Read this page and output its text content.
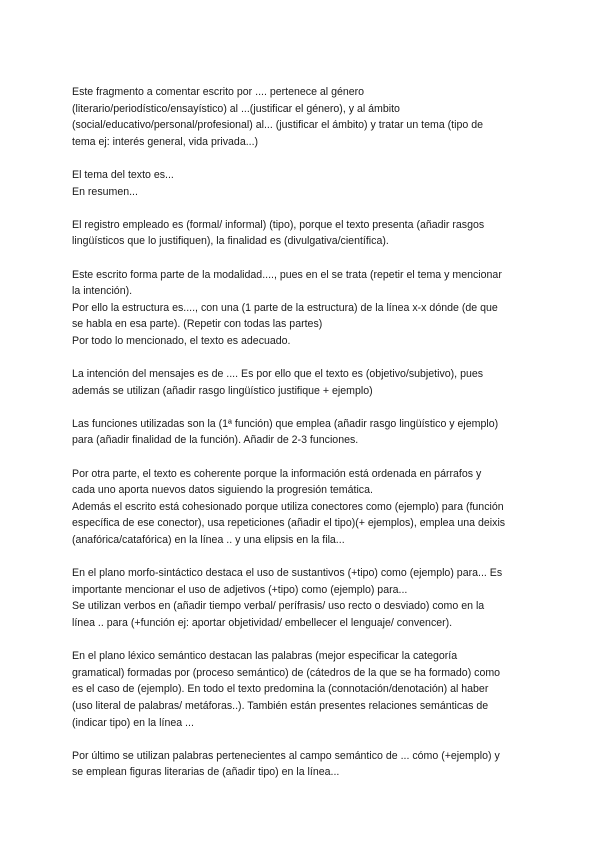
Este fragmento a comentar escrito por .... pertenece al género
(literario/periodístico/ensayístico) al ...(justificar el género), y al ámbito
(social/educativo/personal/profesional) al... (justificar el ámbito) y tratar un tema (tipo de
tema ej: interés general, vida privada...)
El tema del texto es...
En resumen...
El registro empleado es (formal/ informal) (tipo), porque el texto presenta (añadir rasgos
lingüísticos que lo justifiquen), la finalidad es (divulgativa/científica).
Este escrito forma parte de la modalidad...., pues en el se trata (repetir el tema y mencionar
la intención).
Por ello la estructura es...., con una (1 parte de la estructura) de la línea x-x dónde (de que
se habla en esa parte). (Repetir con todas las partes)
Por todo lo mencionado, el texto es adecuado.
La intención del mensajes es de .... Es por ello que el texto es (objetivo/subjetivo), pues
además se utilizan (añadir rasgo lingüístico justifique + ejemplo)
Las funciones utilizadas son la (1ª función) que emplea (añadir rasgo lingüístico y ejemplo)
para (añadir finalidad de la función). Añadir de 2-3 funciones.
Por otra parte, el texto es coherente porque la información está ordenada en párrafos y
cada uno aporta nuevos datos siguiendo la progresión temática.
Además el escrito está cohesionado porque utiliza conectores como (ejemplo) para (función
específica de ese conector), usa repeticiones (añadir el tipo)(+ ejemplos), emplea una deixis
(anafórica/catafórica) en la línea .. y una elipsis en la fila...
En el plano morfo-sintáctico destaca el uso de sustantivos (+tipo) como (ejemplo) para... Es
importante mencionar el uso de adjetivos (+tipo) como (ejemplo) para...
Se utilizan verbos en (añadir tiempo verbal/ perífrasis/ uso recto o desviado) como en la
línea .. para (+función ej: aportar objetividad/ embellecer el lenguaje/ convencer).
En el plano léxico semántico destacan las palabras (mejor especificar la categoría
gramatical) formadas por (proceso semántico) de (cátedros de la que se ha formado) como
es el caso de (ejemplo). En todo el texto predomina la (connotación/denotación) al haber
(uso literal de palabras/ metáforas..). También están presentes relaciones semánticas de
(indicar tipo) en la línea ...
Por último se utilizan palabras pertenecientes al campo semántico de ... cómo (+ejemplo) y
se emplean figuras literarias de (añadir tipo) en la línea...
